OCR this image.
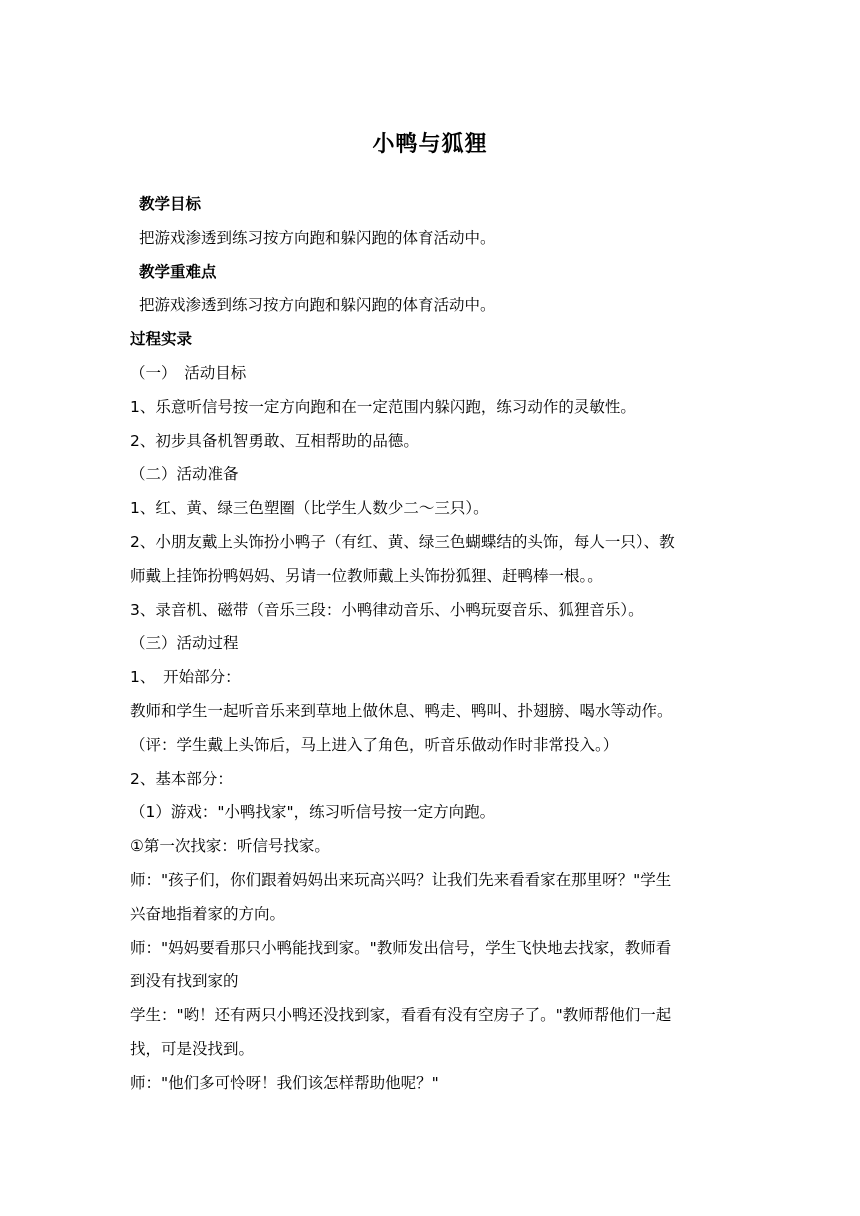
小鸭与狐狸
教学目标
把游戏渗透到练习按方向跑和躲闪跑的体育活动中。
教学重难点
把游戏渗透到练习按方向跑和躲闪跑的体育活动中。
过程实录
（一）　活动目标
1、乐意听信号按一定方向跑和在一定范围内躲闪跑，练习动作的灵敏性。
2、初步具备机智勇敢、互相帮助的品德。
（二）活动准备
1、红、黄、绿三色塑圈（比学生人数少二～三只）。
2、小朋友戴上头饰扮小鸭子（有红、黄、绿三色蝴蝶结的头饰，每人一只）、教
师戴上挂饰扮鸭妈妈、另请一位教师戴上头饰扮狐狸、赶鸭棒一根。。
3、录音机、磁带（音乐三段：小鸭律动音乐、小鸭玩耍音乐、狐狸音乐）。
（三）活动过程
1、　开始部分：
教师和学生一起听音乐来到草地上做休息、鸭走、鸭叫、扑翅膀、喝水等动作。
（评：学生戴上头饰后，马上进入了角色，听音乐做动作时非常投入。）
2、基本部分：
（1）游戏："小鸭找家"，练习听信号按一定方向跑。
①第一次找家：听信号找家。
师："孩子们，你们跟着妈妈出来玩高兴吗？让我们先来看看家在那里呀？"学生
兴奋地指着家的方向。
师："妈妈要看那只小鸭能找到家。"教师发出信号，学生飞快地去找家，教师看
到没有找到家的
学生："哟！还有两只小鸭还没找到家，看看有没有空房子了。"教师帮他们一起
找，可是没找到。
师："他们多可怜呀！我们该怎样帮助他呢？"
